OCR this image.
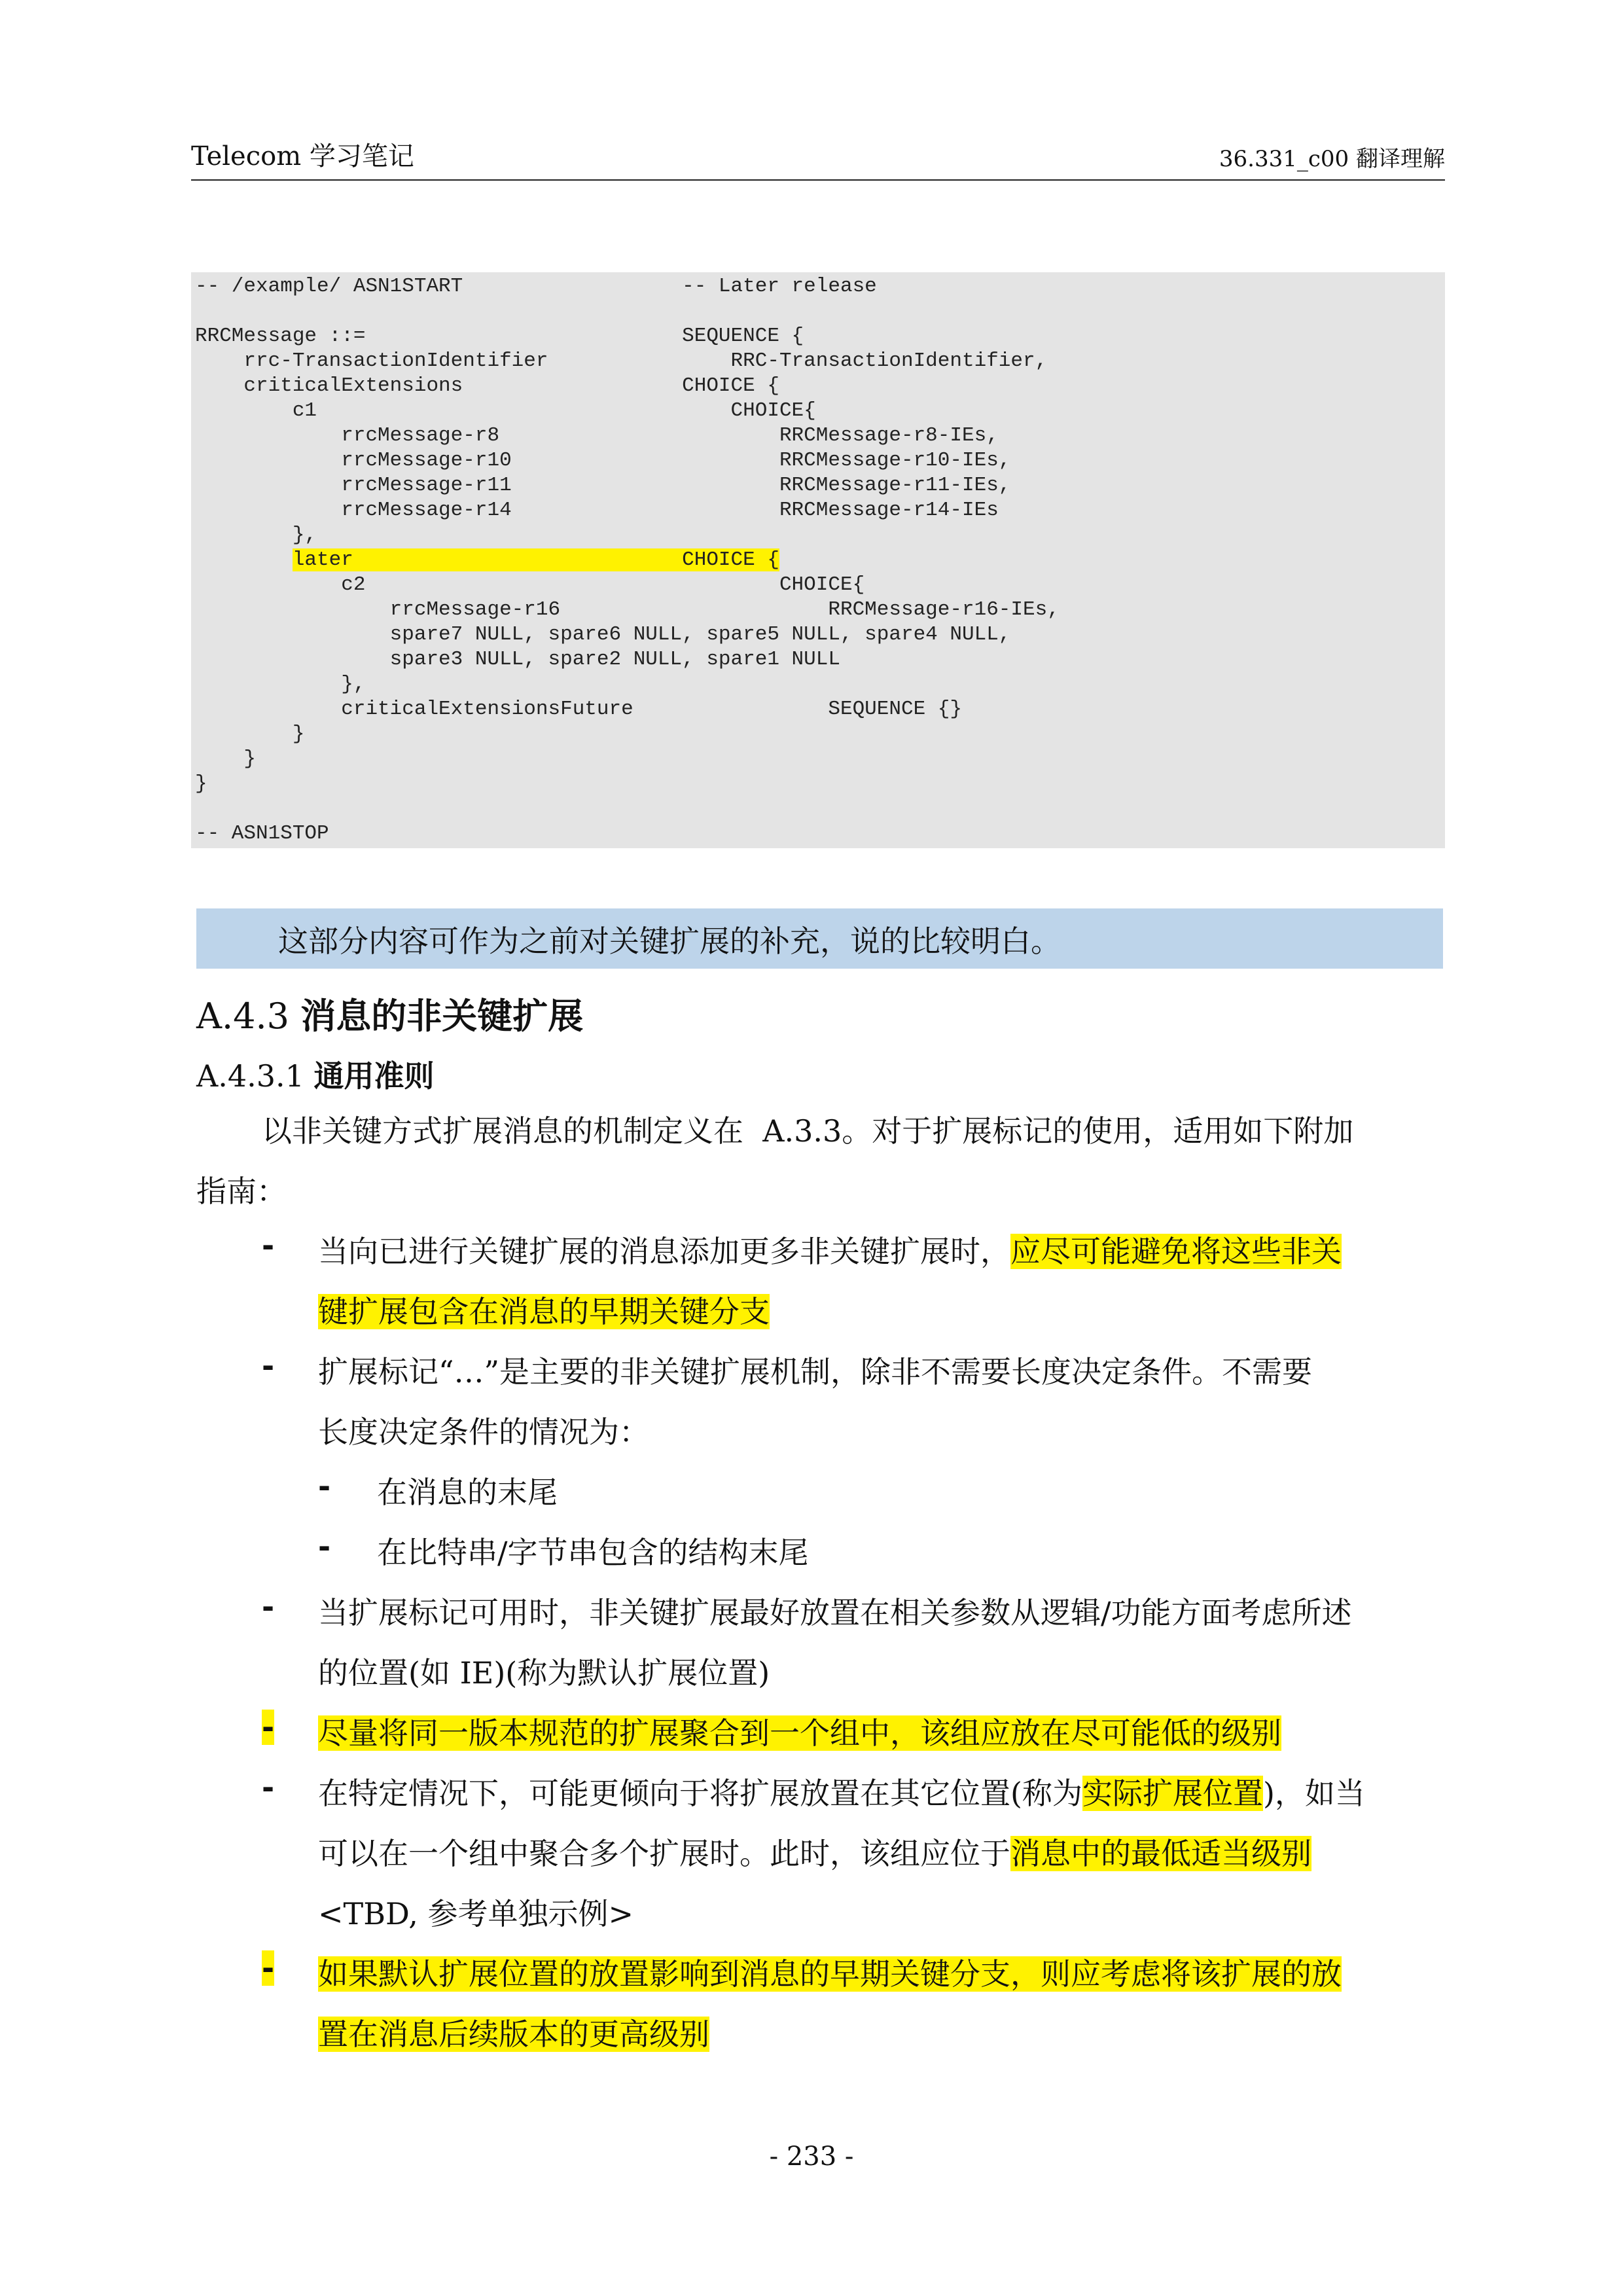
Telecom 学习笔记	36.331_c00 翻译理解
-- /example/ ASN1START                  -- Later release
RRCMessage ::=                          SEQUENCE {
rrc-TransactionIdentifier               RRC-TransactionIdentifier,
criticalExtensions                  CHOICE {
c1                                  CHOICE{
rrcMessage-r8                       RRCMessage-r8-IEs,
rrcMessage-r10                      RRCMessage-r10-IEs,
rrcMessage-r11                      RRCMessage-r11-IEs,
rrcMessage-r14                      RRCMessage-r14-IEs
},
later                           CHOICE {
c2                                  CHOICE{
rrcMessage-r16                      RRCMessage-r16-IEs,
spare7 NULL, spare6 NULL, spare5 NULL, spare4 NULL,
spare3 NULL, spare2 NULL, spare1 NULL
},
criticalExtensionsFuture                SEQUENCE {}
}
}
}
-- ASN1STOP
这部分内容可作为之前对关键扩展的补充，说的比较明白。
A.4.3 消息的非关键扩展
A.4.3.1 通用准则
以非关键方式扩展消息的机制定义在  A.3.3。对于扩展标记的使用，适用如下附加
指南：
- 当向已进行关键扩展的消息添加更多非关键扩展时，应尽可能避免将这些非关
键扩展包含在消息的早期关键分支
- 扩展标记“…”是主要的非关键扩展机制，除非不需要长度决定条件。不需要
长度决定条件的情况为：
- 在消息的末尾
- 在比特串/字节串包含的结构末尾
- 当扩展标记可用时，非关键扩展最好放置在相关参数从逻辑/功能方面考虑所述
的位置(如 IE)(称为默认扩展位置)
- 尽量将同一版本规范的扩展聚合到一个组中，该组应放在尽可能低的级别
- 在特定情况下，可能更倾向于将扩展放置在其它位置(称为实际扩展位置)，如当
可以在一个组中聚合多个扩展时。此时，该组应位于消息中的最低适当级别
<TBD, 参考单独示例>
- 如果默认扩展位置的放置影响到消息的早期关键分支，则应考虑将该扩展的放
置在消息后续版本的更高级别
- 233 -
